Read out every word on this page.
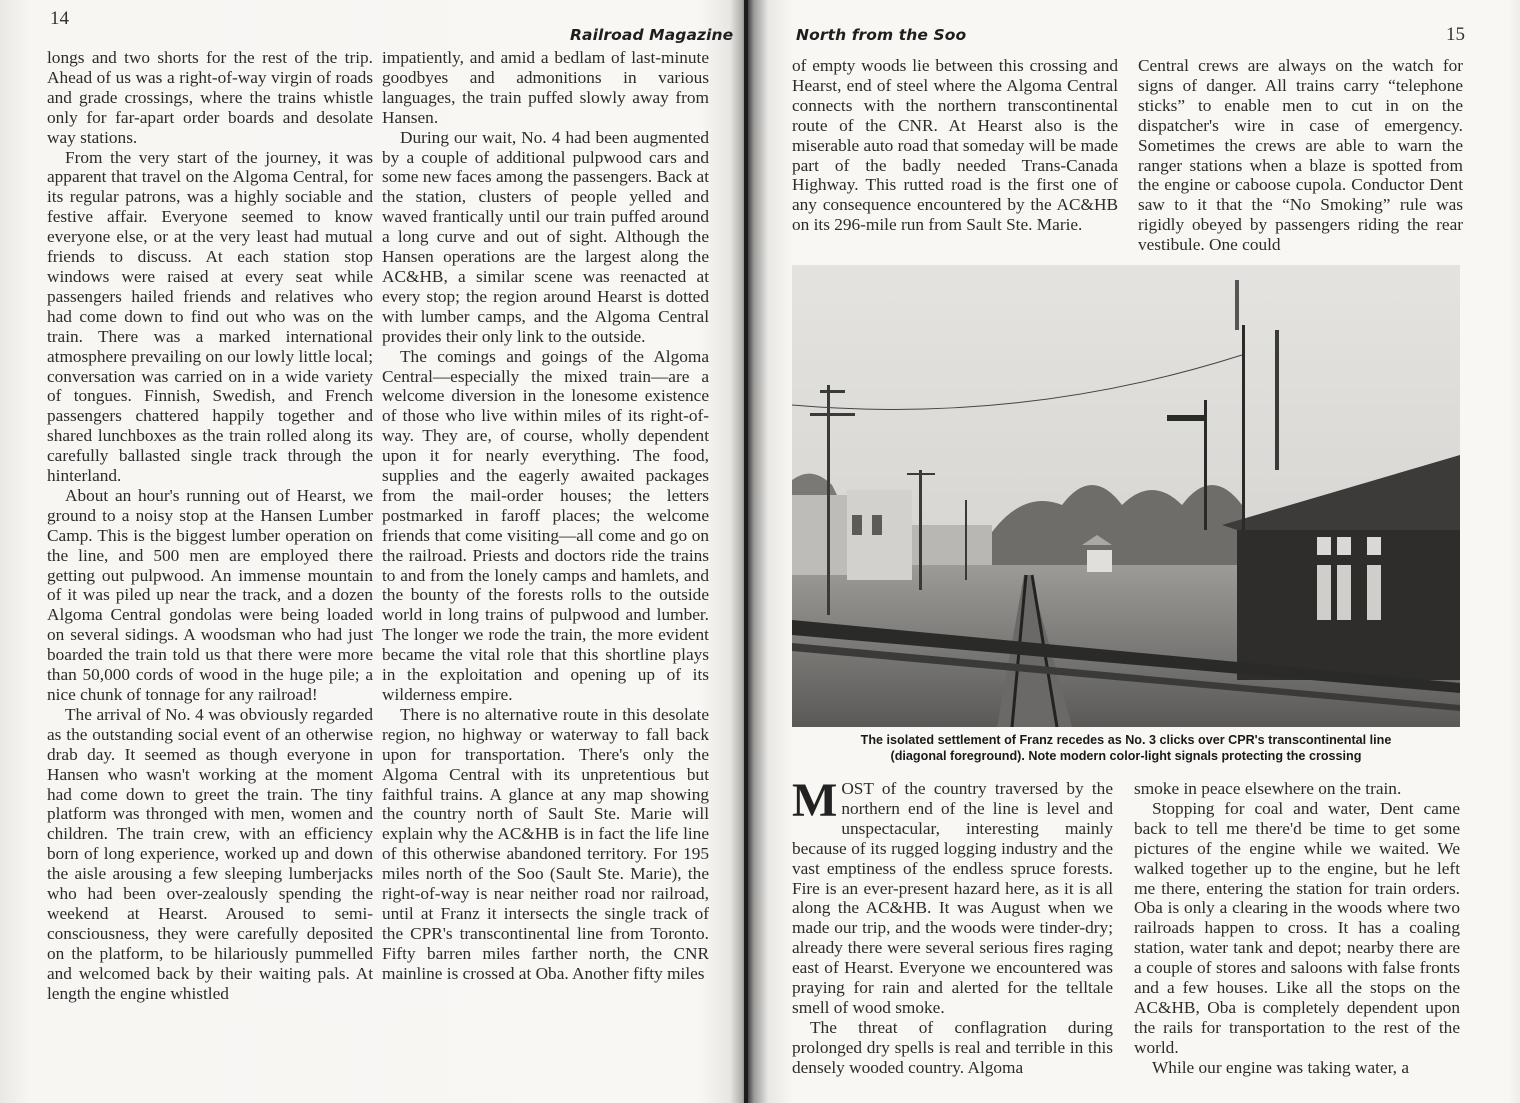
14
Railroad Magazine	North from the Soo	15

longs and two shorts for the rest of the trip. Ahead of us was a right-of-way virgin of roads and grade crossings, where the trains whistle only for far-apart order boards and desolate way stations.

From the very start of the journey, it was apparent that travel on the Algoma Central, for its regular patrons, was a highly sociable and festive affair. Everyone seemed to know everyone else, or at the very least had mutual friends to discuss. At each station stop windows were raised at every seat while passengers hailed friends and relatives who had come down to find out who was on the train. There was a marked international atmosphere prevailing on our lowly little local; conversation was carried on in a wide variety of tongues. Finnish, Swedish, and French passengers chattered happily together and shared lunchboxes as the train rolled along its carefully ballasted single track through the hinterland.

About an hour's running out of Hearst, we ground to a noisy stop at the Hansen Lumber Camp. This is the biggest lumber operation on the line, and 500 men are employed there getting out pulpwood. An immense mountain of it was piled up near the track, and a dozen Algoma Central gondolas were being loaded on several sidings. A woodsman who had just boarded the train told us that there were more than 50,000 cords of wood in the huge pile; a nice chunk of tonnage for any railroad!

The arrival of No. 4 was obviously regarded as the outstanding social event of an otherwise drab day. It seemed as though everyone in Hansen who wasn't working at the moment had come down to greet the train. The tiny platform was thronged with men, women and children. The train crew, with an efficiency born of long experience, worked up and down the aisle arousing a few sleeping lumberjacks who had been over-zealously spending the weekend at Hearst. Aroused to semi-consciousness, they were carefully deposited on the platform, to be hilariously pummelled and welcomed back by their waiting pals. At length the engine whistled

impatiently, and amid a bedlam of last-minute goodbyes and admonitions in various languages, the train puffed slowly away from Hansen.

During our wait, No. 4 had been augmented by a couple of additional pulpwood cars and some new faces among the passengers. Back at the station, clusters of people yelled and waved frantically until our train puffed around a long curve and out of sight. Although the Hansen operations are the largest along the AC&HB, a similar scene was reenacted at every stop; the region around Hearst is dotted with lumber camps, and the Algoma Central provides their only link to the outside.

The comings and goings of the Algoma Central—especially the mixed train—are a welcome diversion in the lonesome existence of those who live within miles of its right-of-way. They are, of course, wholly dependent upon it for nearly everything. The food, supplies and the eagerly awaited packages from the mail-order houses; the letters postmarked in faroff places; the welcome friends that come visiting—all come and go on the railroad. Priests and doctors ride the trains to and from the lonely camps and hamlets, and the bounty of the forests rolls to the outside world in long trains of pulpwood and lumber. The longer we rode the train, the more evident became the vital role that this shortline plays in the exploitation and opening up of its wilderness empire.

There is no alternative route in this desolate region, no highway or waterway to fall back upon for transportation. There's only the Algoma Central with its unpretentious but faithful trains. A glance at any map showing the country north of Sault Ste. Marie will explain why the AC&HB is in fact the life line of this otherwise abandoned territory. For 195 miles north of the Soo (Sault Ste. Marie), the right-of-way is near neither road nor railroad, until at Franz it intersects the single track of the CPR's transcontinental line from Toronto. Fifty barren miles farther north, the CNR mainline is crossed at Oba. Another fifty miles

of empty woods lie between this crossing and Hearst, end of steel where the Algoma Central connects with the northern transcontinental route of the CNR. At Hearst also is the miserable auto road that someday will be made part of the badly needed Trans-Canada Highway. This rutted road is the first one of any consequence encountered by the AC&HB on its 296-mile run from Sault Ste. Marie.

Central crews are always on the watch for signs of danger. All trains carry “telephone sticks” to enable men to cut in on the dispatcher's wire in case of emergency. Sometimes the crews are able to warn the ranger stations when a blaze is spotted from the engine or caboose cupola. Conductor Dent saw to it that the “No Smoking” rule was rigidly obeyed by passengers riding the rear vestibule. One could

The isolated settlement of Franz recedes as No. 3 clicks over CPR's transcontinental line
(diagonal foreground). Note modern color-light signals protecting the crossing

MOST of the country traversed by the northern end of the line is level and unspectacular, interesting mainly because of its rugged logging industry and the vast emptiness of the endless spruce forests. Fire is an ever-present hazard here, as it is all along the AC&HB. It was August when we made our trip, and the woods were tinder-dry; already there were several serious fires raging east of Hearst. Everyone we encountered was praying for rain and alerted for the telltale smell of wood smoke.

The threat of conflagration during prolonged dry spells is real and terrible in this densely wooded country. Algoma

smoke in peace elsewhere on the train.

Stopping for coal and water, Dent came back to tell me there'd be time to get some pictures of the engine while we waited. We walked together up to the engine, but he left me there, entering the station for train orders. Oba is only a clearing in the woods where two railroads happen to cross. It has a coaling station, water tank and depot; nearby there are a couple of stores and saloons with false fronts and a few houses. Like all the stops on the AC&HB, Oba is completely dependent upon the rails for transportation to the rest of the world.

While our engine was taking water, a
